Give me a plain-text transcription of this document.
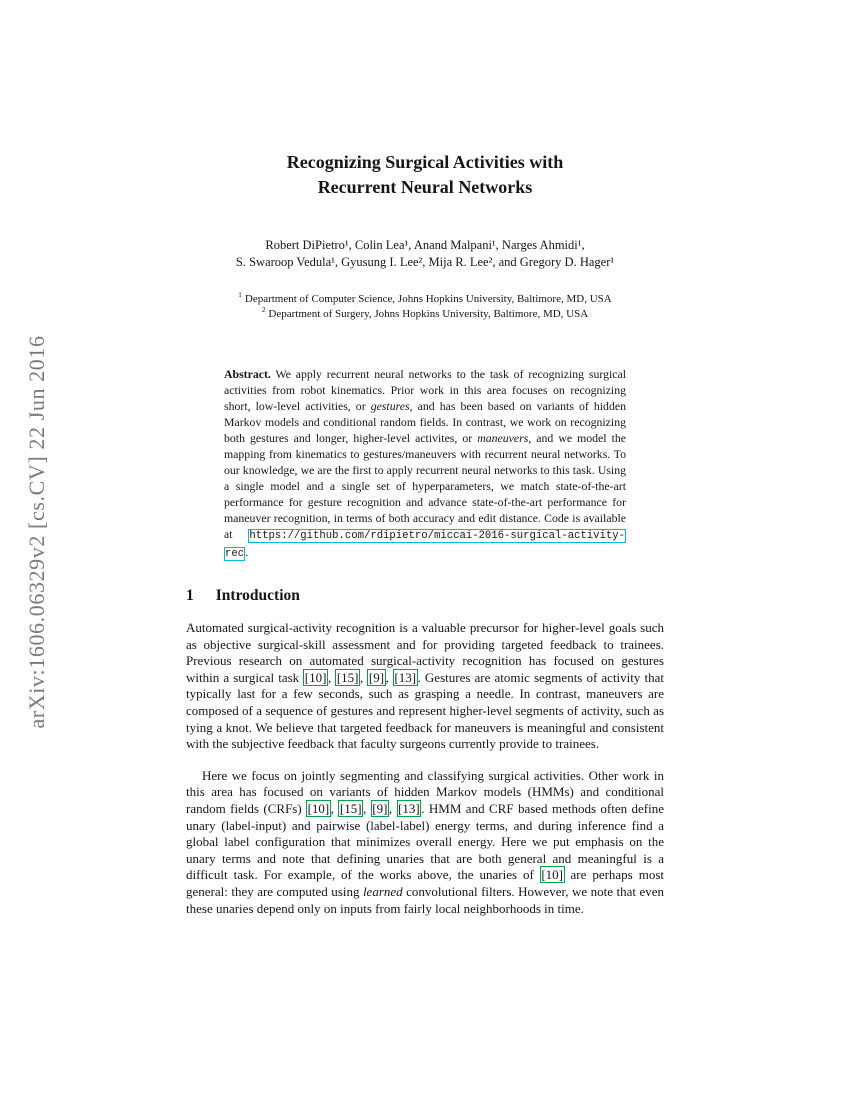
arXiv:1606.06329v2 [cs.CV] 22 Jun 2016
Recognizing Surgical Activities with
Recurrent Neural Networks
Robert DiPietro¹, Colin Lea¹, Anand Malpani¹, Narges Ahmidi¹,
S. Swaroop Vedula¹, Gyusung I. Lee², Mija R. Lee², and Gregory D. Hager¹
$^1$ Department of Computer Science, Johns Hopkins University, Baltimore, MD, USA
$^2$ Department of Surgery, Johns Hopkins University, Baltimore, MD, USA
Abstract. We apply recurrent neural networks to the task of recognizing surgical activities from robot kinematics. Prior work in this area focuses on recognizing short, low-level activities, or gestures, and has been based on variants of hidden Markov models and conditional random fields. In contrast, we work on recognizing both gestures and longer, higher-level activites, or maneuvers, and we model the mapping from kinematics to gestures/maneuvers with recurrent neural networks. To our knowledge, we are the first to apply recurrent neural networks to this task. Using a single model and a single set of hyperparameters, we match state-of-the-art performance for gesture recognition and advance state-of-the-art performance for maneuver recognition, in terms of both accuracy and edit distance. Code is available at https://github.com/rdipietro/miccai-2016-surgical-activity-rec.
1 Introduction
Automated surgical-activity recognition is a valuable precursor for higher-level goals such as objective surgical-skill assessment and for providing targeted feedback to trainees. Previous research on automated surgical-activity recognition has focused on gestures within a surgical task [10] , [15] , [9] , [13] . Gestures are atomic segments of activity that typically last for a few seconds, such as grasping a needle. In contrast, maneuvers are composed of a sequence of gestures and represent higher-level segments of activity, such as tying a knot. We believe that targeted feedback for maneuvers is meaningful and consistent with the subjective feedback that faculty surgeons currently provide to trainees.
Here we focus on jointly segmenting and classifying surgical activities. Other work in this area has focused on variants of hidden Markov models (HMMs) and conditional random fields (CRFs) [10] , [15] , [9] , [13] . HMM and CRF based methods often define unary (label-input) and pairwise (label-label) energy terms, and during inference find a global label configuration that minimizes overall energy. Here we put emphasis on the unary terms and note that defining unaries that are both general and meaningful is a difficult task. For example, of the works above, the unaries of [10] are perhaps most general: they are computed using learned convolutional filters. However, we note that even these unaries depend only on inputs from fairly local neighborhoods in time.
